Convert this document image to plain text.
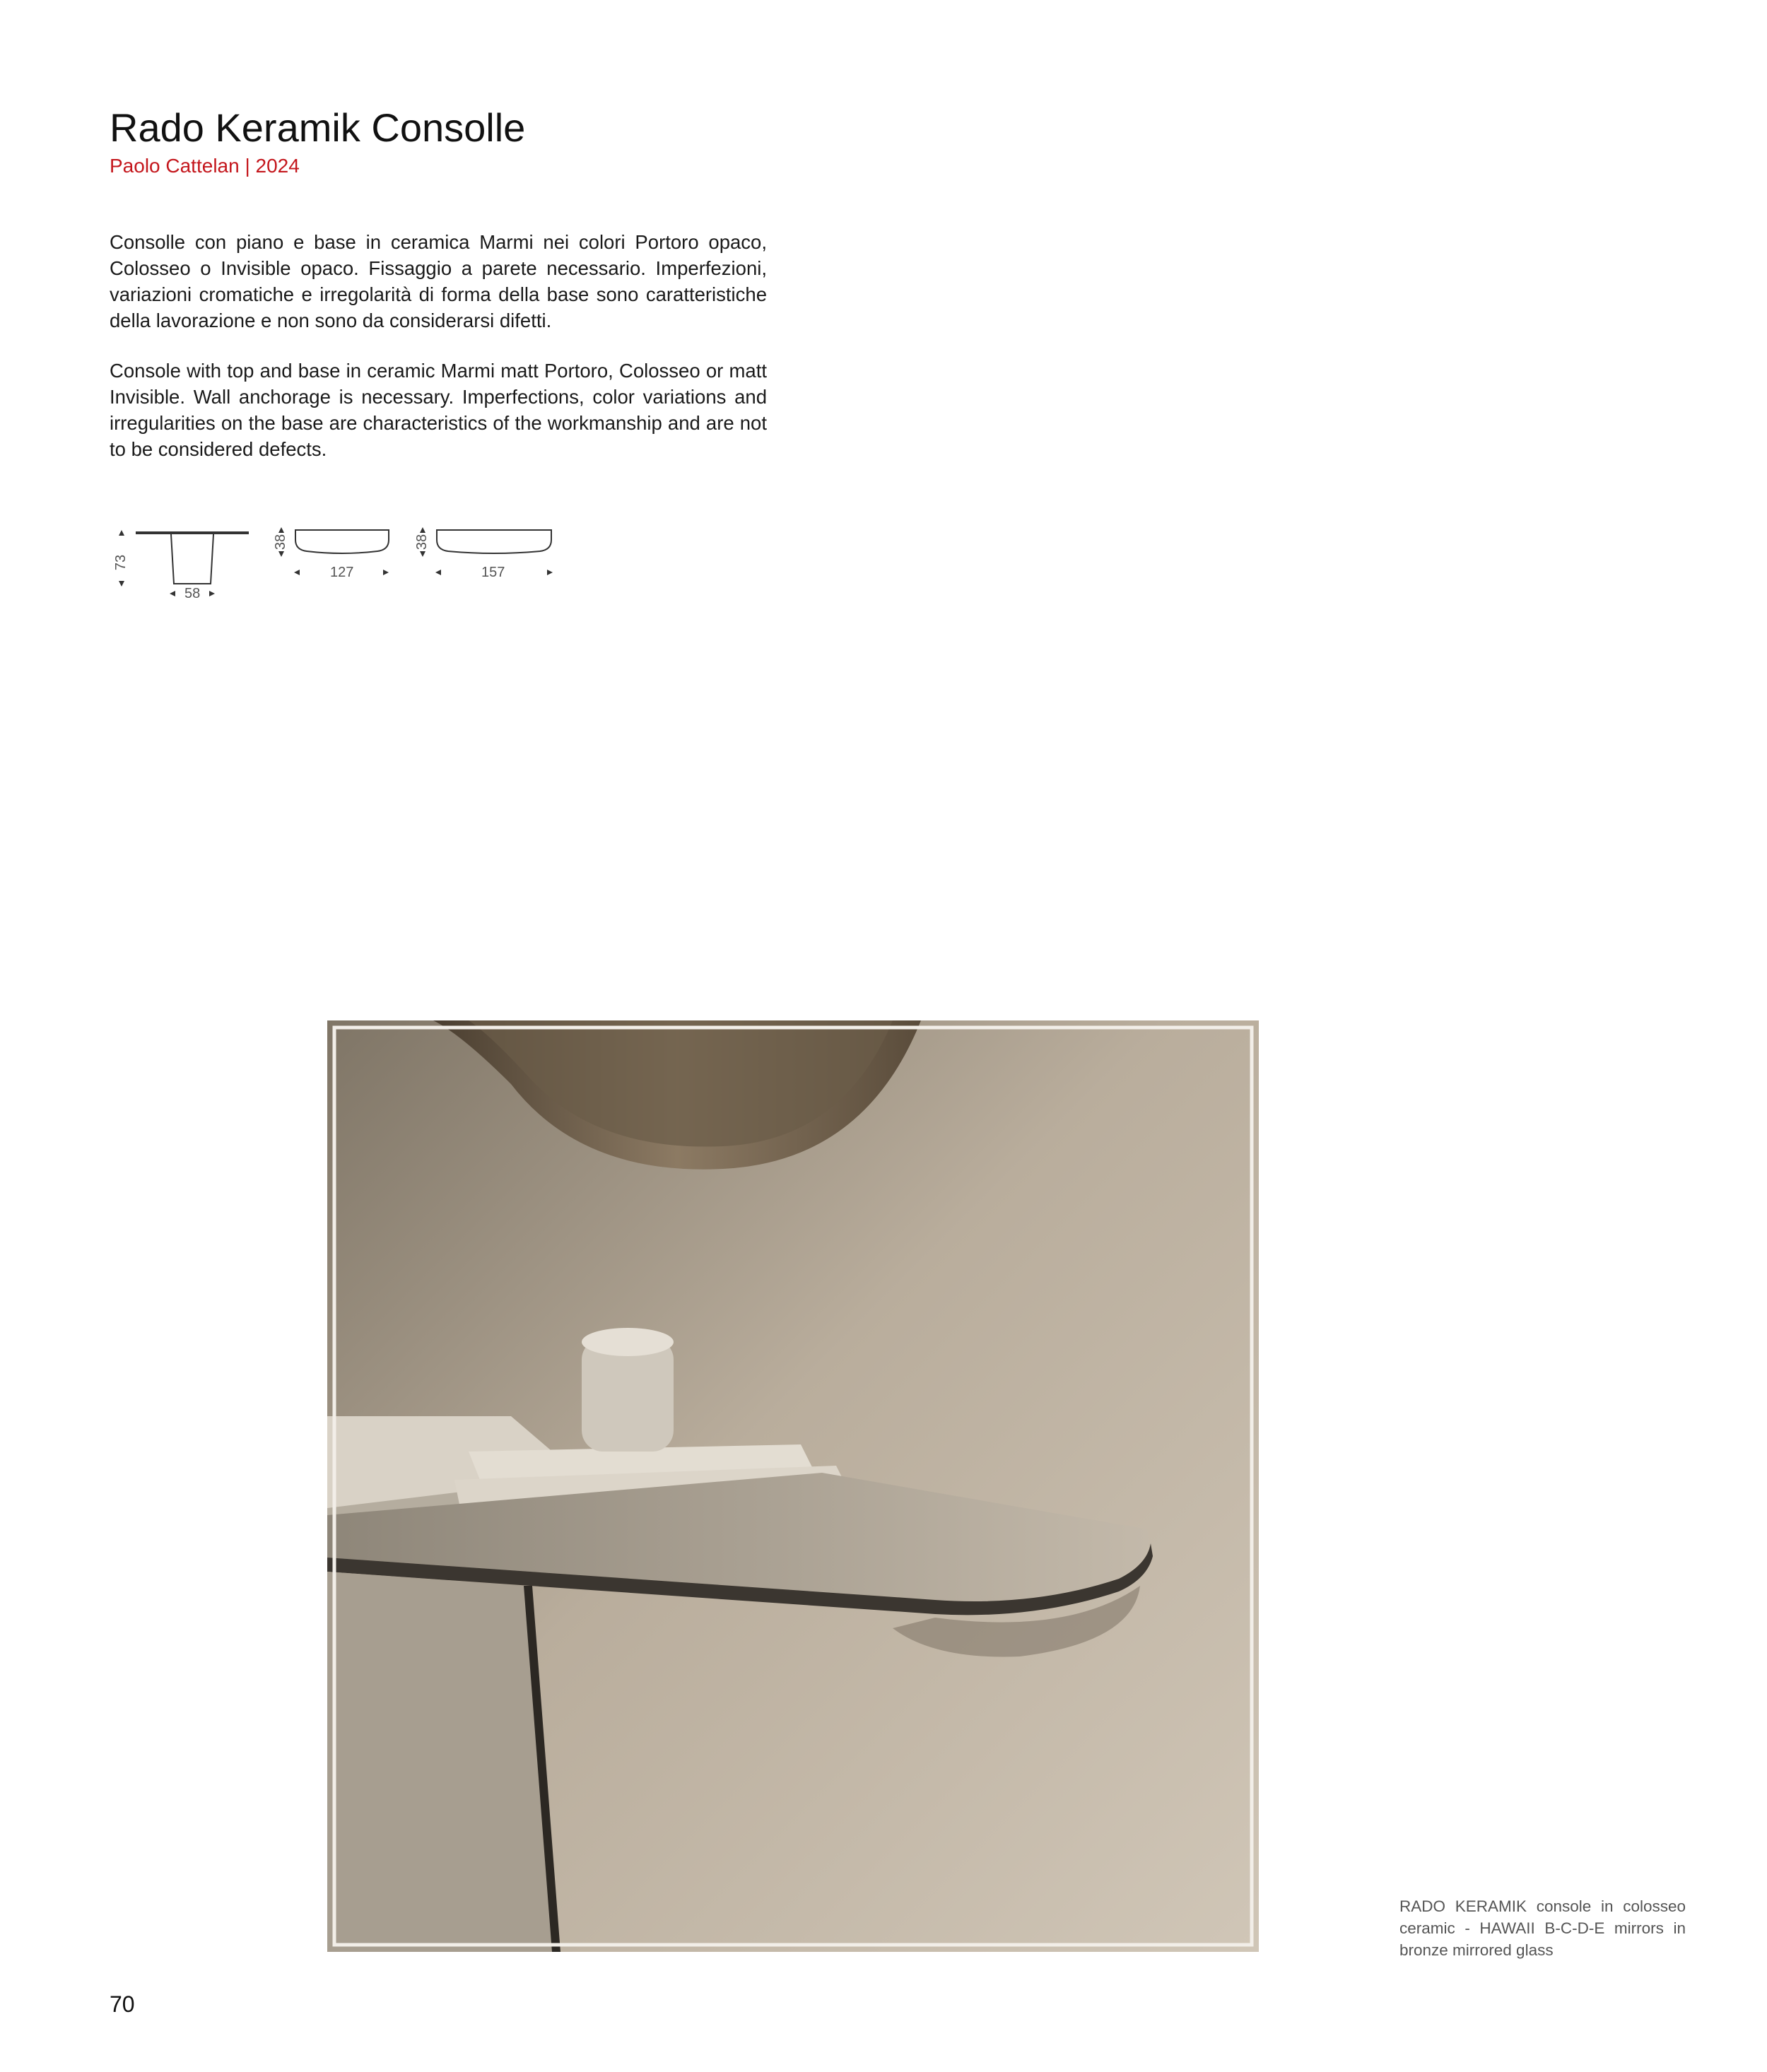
Rado Keramik Consolle

Paolo Cattelan | 2024

Consolle con piano e base in ceramica Marmi nei colori Portoro opaco, Colosseo o Invisible opaco. Fissaggio a parete necessario. Imperfezioni, variazioni cromatiche e irregolarità di forma della base sono caratteristiche della lavorazione e non sono da considerarsi difetti.

Console with top and base in ceramic Marmi matt Portoro, Colosseo or matt Invisible. Wall anchorage is necessary. Imperfections, color variations and irregularities on the base are characteristics of the workmanship and are not to be considered defects.

73
58
38
127
38
157

RADO KERAMIK console in colosseo ceramic - HAWAII B-C-D-E mirrors in bronze mirrored glass

70
